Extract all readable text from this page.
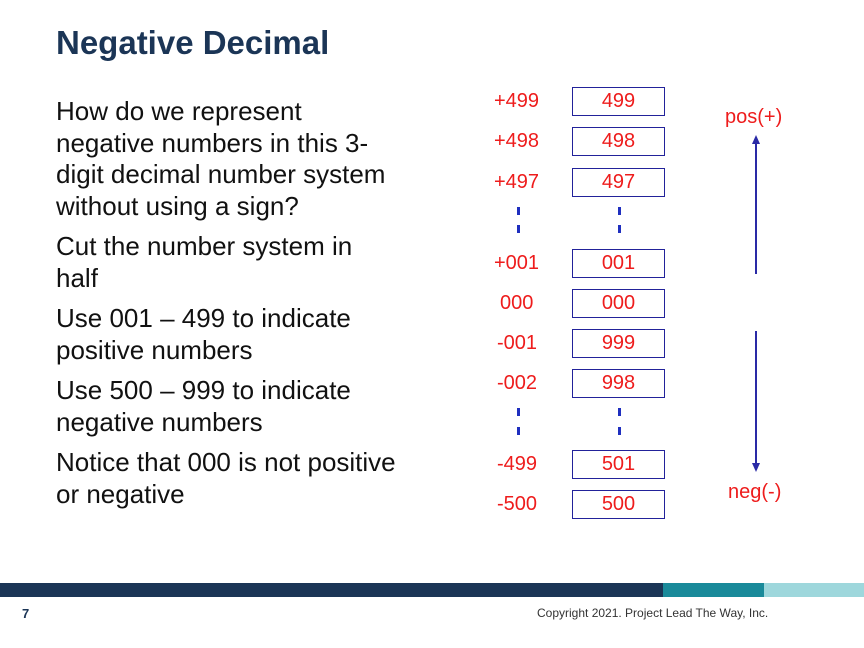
Negative Decimal
How do we represent negative numbers in this 3-digit decimal number system without using a sign?
Cut the number system in half
Use 001 – 499 to indicate positive numbers
Use 500 – 999 to indicate negative numbers
Notice that 000 is not positive or negative
+499
+498
+497
+001
000
-001
-002
-499
-500
499
498
497
001
000
999
998
501
500
pos(+)
neg(-)
7	Copyright 2021. Project Lead The Way, Inc.
